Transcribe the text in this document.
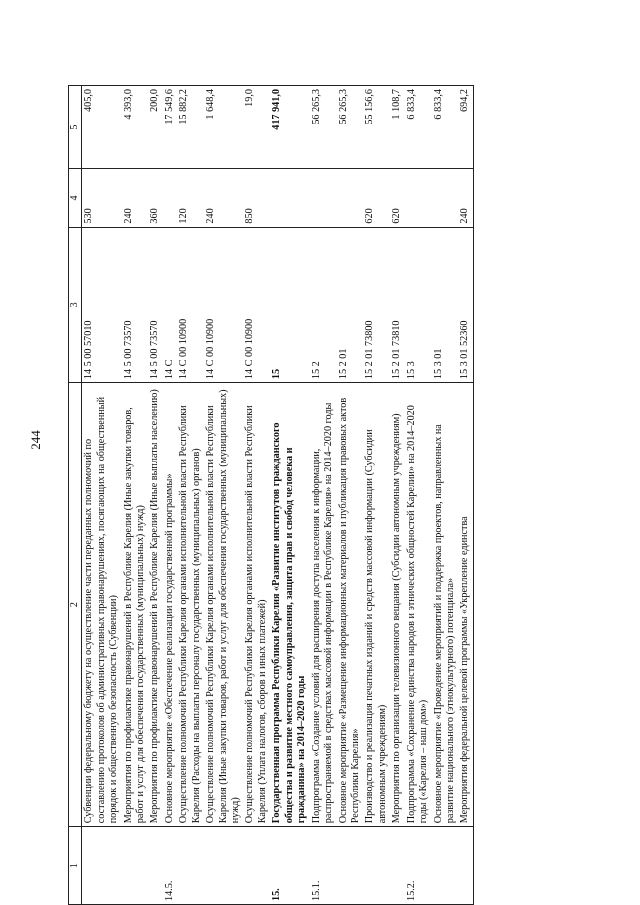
244
1	2	3	4	5
	Субвенции федеральному бюджету на осуществление части переданных полномочий по составлению протоколов об административных правонарушениях, посягающих на общественный порядок и общественную безопасность (Субвенции)	14 5 00 57010	530	405,0
	Мероприятия по профилактике правонарушений в Республике Карелия (Иные закупки товаров, работ и услуг для обеспечения государственных (муниципальных) нужд)	14 5 00 73570	240	4 393,0
	Мероприятия по профилактике правонарушений в Республике Карелия (Иные выплаты населению)	14 5 00 73570	360	200,0
14.5.	Основное мероприятие «Обеспечение реализации государственной программы»	14 С		17 549,6
	Осуществление полномочий Республики Карелия органами исполнительной власти Республики Карелия (Расходы на выплаты персоналу государственных (муниципальных) органов)	14 С 00 10900	120	15 882,2
	Осуществление полномочий Республики Карелия органами исполнительной власти Республики Карелия (Иные закупки товаров, работ и услуг для обеспечения государственных (муниципальных) нужд)	14 С 00 10900	240	1 648,4
	Осуществление полномочий Республики Карелия органами исполнительной власти Республики Карелия (Уплата налогов, сборов и иных платежей)	14 С 00 10900	850	19,0
15.	Государственная программа Республики Карелия «Развитие институтов гражданского общества и развитие местного самоуправления, защита прав и свобод человека и гражданина» на 2014–2020 годы	15		417 941,0
15.1.	Подпрограмма «Создание условий для расширения доступа населения к информации, распространяемой в средствах массовой информации в Республике Карелия» на 2014–2020 годы	15 2		56 265,3
	Основное мероприятие «Размещение информационных материалов и публикация правовых актов Республики Карелия»	15 2 01		56 265,3
	Производство и реализация печатных изданий и средств массовой информации (Субсидии автономным учреждениям)	15 2 01 73800	620	55 156,6
	Мероприятия по организации телевизионного вещания (Субсидии автономным учреждениям)	15 2 01 73810	620	1 108,7
15.2.	Подпрограмма «Сохранение единства народов и этнических общностей Карелии» на 2014–2020 годы («Карелия – наш дом»)	15 3		6 833,4
	Основное мероприятие «Проведение мероприятий и поддержка проектов, направленных на развитие национального (этнокультурного) потенциала»	15 3 01		6 833,4
	Мероприятия федеральной целевой программы «Укрепление единства	15 3 01 52360	240	694,2
